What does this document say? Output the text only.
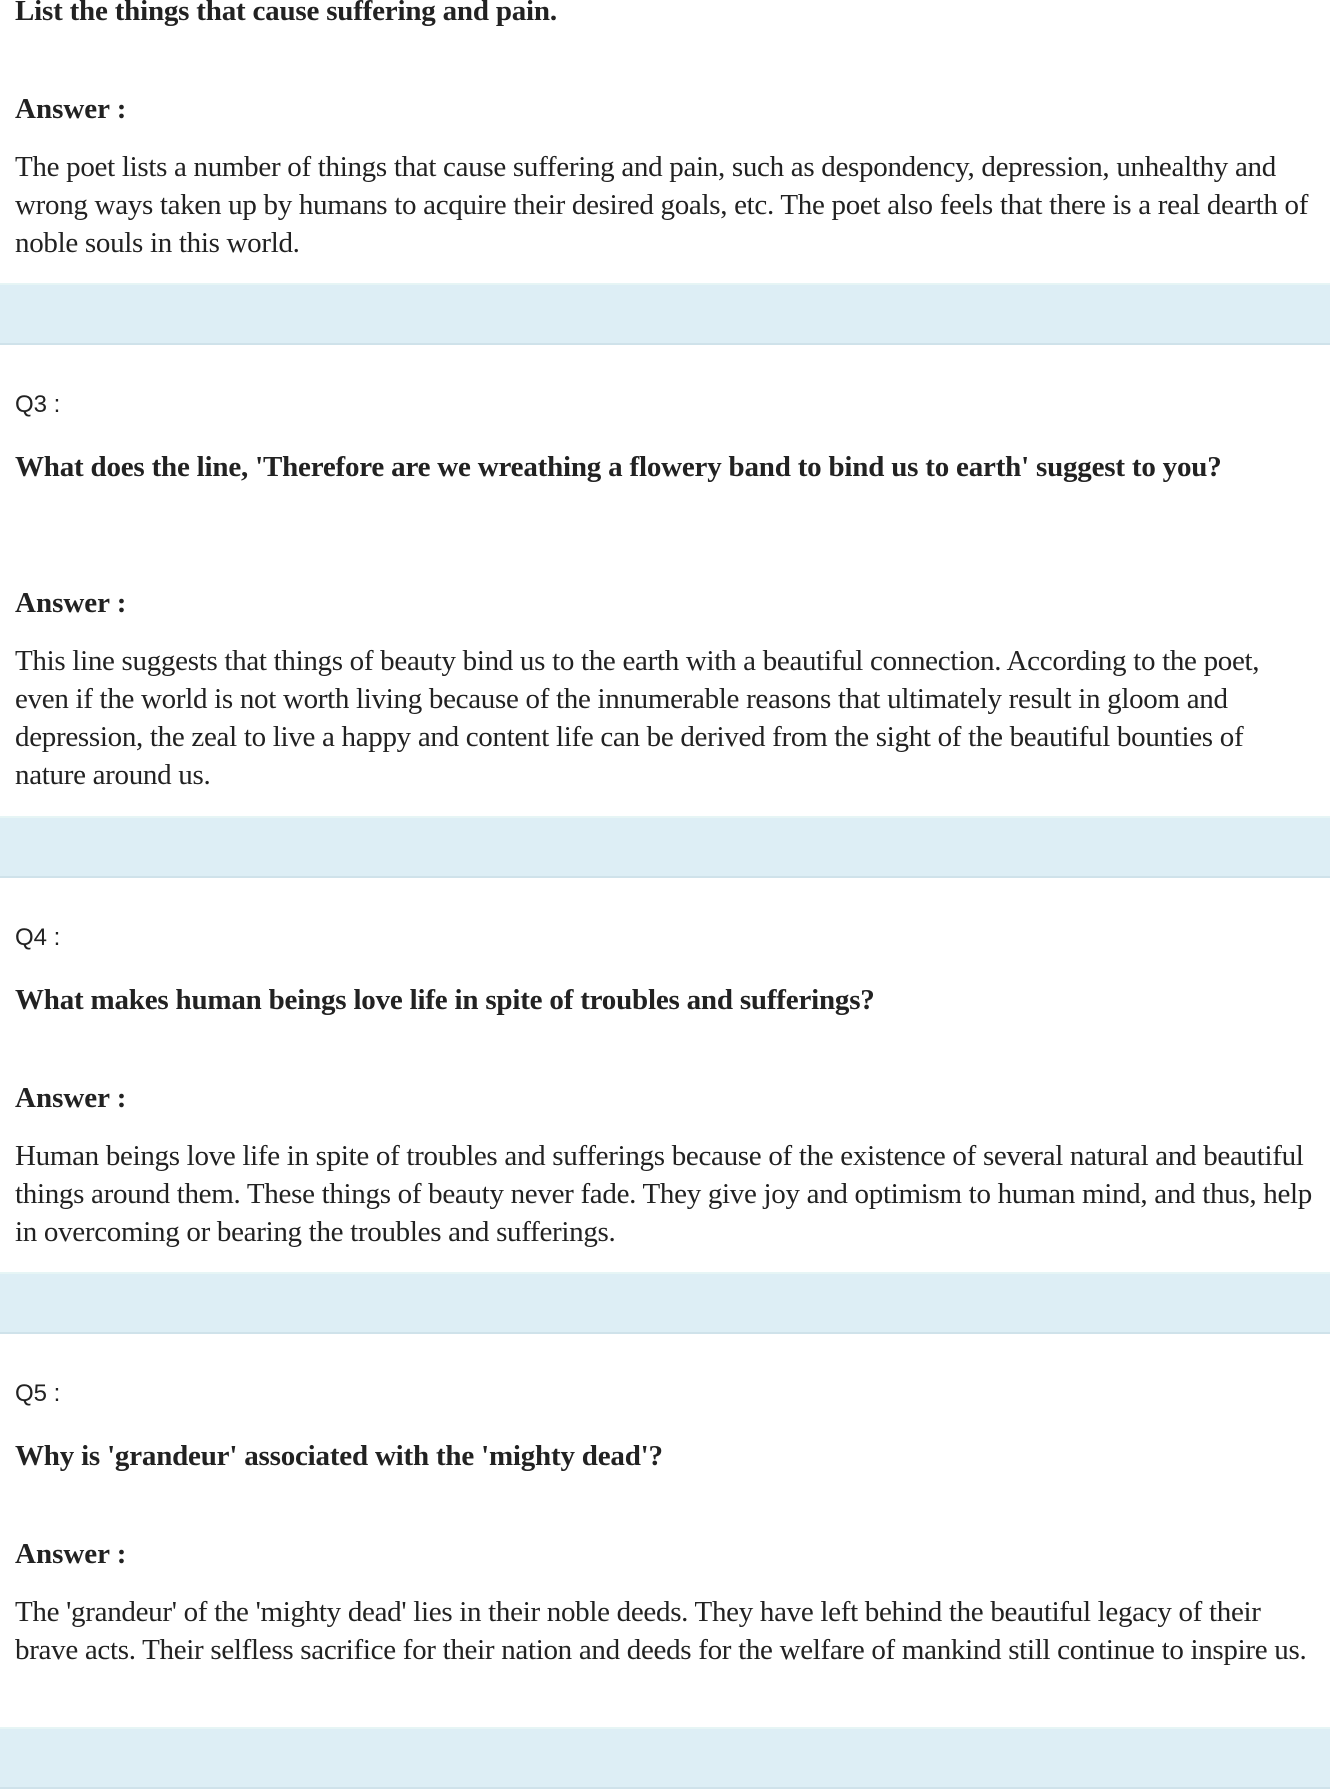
List the things that cause suffering and pain.
Answer :
The poet lists a number of things that cause suffering and pain, such as despondency, depression, unhealthy and wrong ways taken up by humans to acquire their desired goals, etc. The poet also feels that there is a real dearth of noble souls in this world.
Q3 :
What does the line, 'Therefore are we wreathing a flowery band to bind us to earth' suggest to you?
Answer :
This line suggests that things of beauty bind us to the earth with a beautiful connection. According to the poet, even if the world is not worth living because of the innumerable reasons that ultimately result in gloom and depression, the zeal to live a happy and content life can be derived from the sight of the beautiful bounties of nature around us.
Q4 :
What makes human beings love life in spite of troubles and sufferings?
Answer :
Human beings love life in spite of troubles and sufferings because of the existence of several natural and beautiful things around them. These things of beauty never fade. They give joy and optimism to human mind, and thus, help in overcoming or bearing the troubles and sufferings.
Q5 :
Why is 'grandeur' associated with the 'mighty dead'?
Answer :
The 'grandeur' of the 'mighty dead' lies in their noble deeds. They have left behind the beautiful legacy of their brave acts. Their selfless sacrifice for their nation and deeds for the welfare of mankind still continue to inspire us.
